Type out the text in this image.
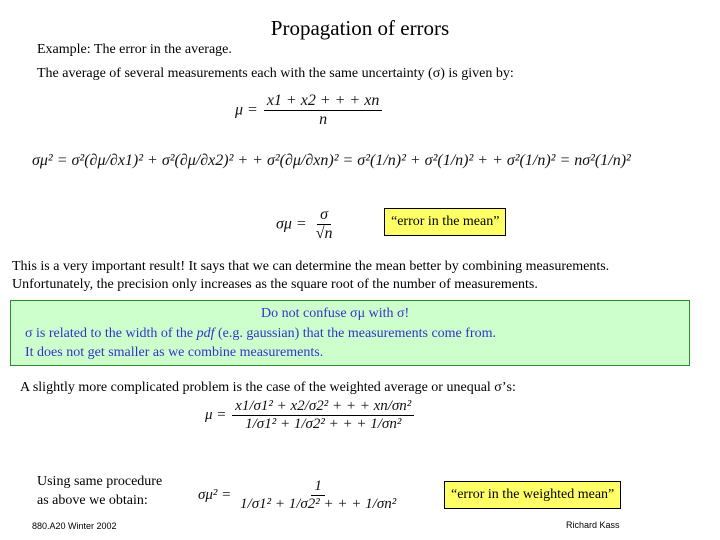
Propagation of errors
Example: The error in the average.
The average of several measurements each with the same uncertainty (σ) is given by:
$\mu = \frac{x1 + x2 + + + xn}{n}$
σμ² = σ²(∂μ/∂x1)² + σ²(∂μ/∂x2)² + + σ²(∂μ/∂xn)² = σ²(1/n)² + σ²(1/n)² + + σ²(1/n)² = nσ²(1/n)²
$\sigma\mu = \frac{\sigma}{√n}$	“error in the mean”
This is a very important result! It says that we can determine the mean better by combining measurements.
Unfortunately, the precision only increases as the square root of the number of measurements.
Do not confuse σμ with σ!
σ is related to the width of the pdf (e.g. gaussian) that the measurements come from.
It does not get smaller as we combine measurements.
A slightly more complicated problem is the case of the weighted average or unequal σ’s:
$\mu = \frac{\text{x1/σ1² + x2/σ2² + + + xn/σn²}}{\text{1/σ1² + 1/σ2² + + + 1/σn²}}$
Using same procedure
as above we obtain:	$\sigma\mu^2 = \frac{1}{\text{1/σ1² + 1/σ2² + + + 1/σn²}}$	“error in the weighted mean”
880.A20 Winter 2002	Richard Kass
